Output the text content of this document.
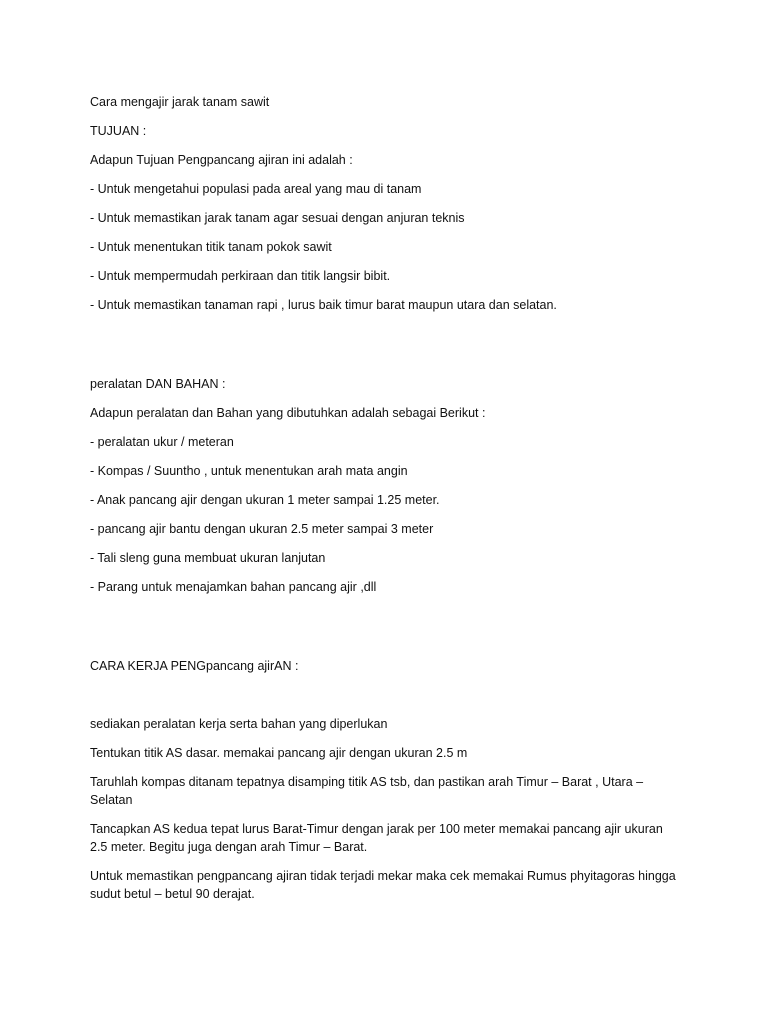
Cara mengajir jarak tanam sawit
TUJUAN :
Adapun Tujuan Pengpancang ajiran ini adalah :
- Untuk mengetahui populasi pada areal yang mau di tanam
- Untuk memastikan jarak tanam agar sesuai dengan anjuran teknis
- Untuk menentukan titik tanam pokok sawit
- Untuk mempermudah perkiraan dan titik langsir bibit.
- Untuk memastikan tanaman rapi , lurus baik timur barat maupun utara dan selatan.
peralatan DAN BAHAN :
Adapun peralatan dan Bahan yang dibutuhkan adalah sebagai Berikut :
- peralatan ukur / meteran
- Kompas / Suuntho , untuk menentukan arah mata angin
- Anak pancang ajir dengan ukuran 1 meter sampai 1.25 meter.
- pancang ajir bantu dengan ukuran 2.5 meter sampai 3 meter
- Tali sleng guna membuat ukuran lanjutan
- Parang untuk menajamkan bahan pancang ajir ,dll
CARA KERJA PENGpancang ajirAN :
sediakan peralatan kerja serta bahan yang diperlukan
Tentukan titik AS dasar. memakai pancang ajir dengan ukuran 2.5 m
Taruhlah kompas ditanam tepatnya disamping titik AS tsb, dan pastikan arah Timur – Barat , Utara – Selatan
Tancapkan AS kedua tepat lurus Barat-Timur dengan jarak per 100 meter memakai pancang ajir ukuran 2.5 meter. Begitu juga dengan arah Timur – Barat.
Untuk memastikan pengpancang ajiran tidak terjadi mekar maka cek memakai Rumus phyitagoras hingga sudut betul – betul 90 derajat.
